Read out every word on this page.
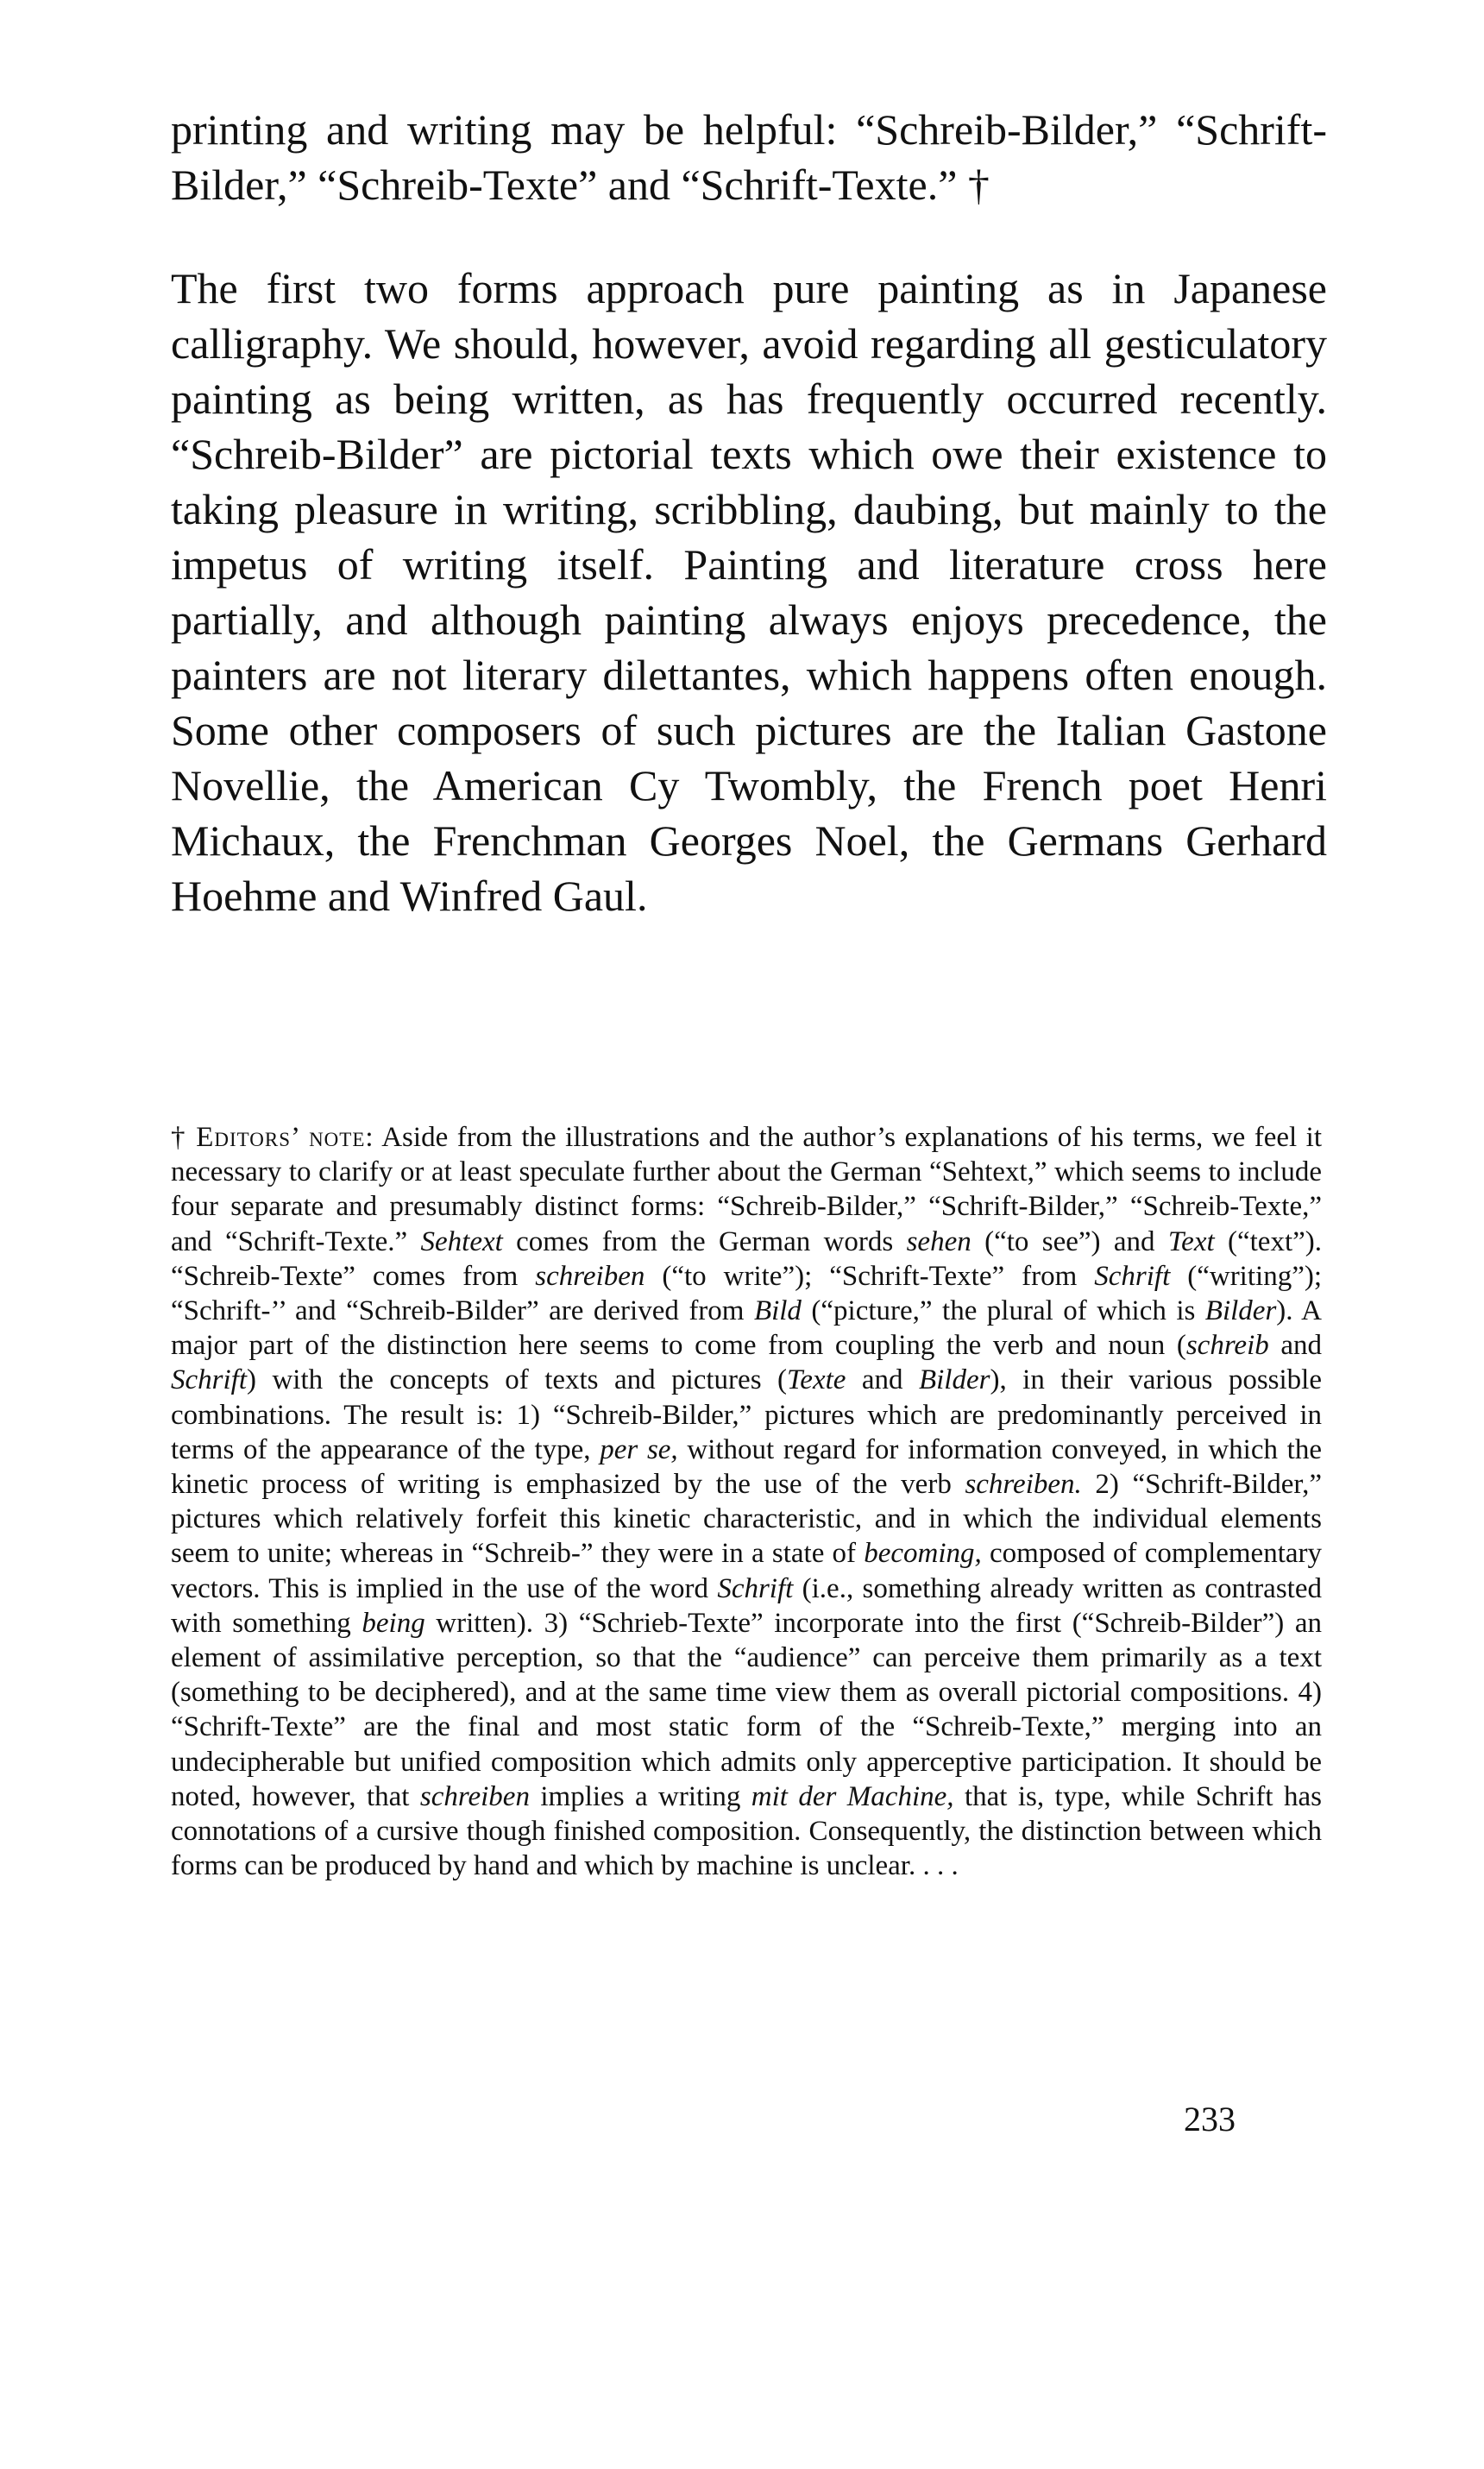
printing and writing may be helpful: “Schreib-Bilder,” “Schrift-Bilder,” “Schreib-Texte” and “Schrift-Texte.” †

The first two forms approach pure painting as in Japanese calligraphy. We should, however, avoid regarding all gesticulatory painting as being written, as has frequently occurred recently. “Schreib-Bilder” are pictorial texts which owe their existence to taking pleasure in writing, scribbling, daubing, but mainly to the impetus of writing itself. Painting and literature cross here partially, and although painting always enjoys precedence, the painters are not literary dilettantes, which happens often enough. Some other composers of such pictures are the Italian Gastone Novellie, the American Cy Twombly, the French poet Henri Michaux, the Frenchman Georges Noel, the Germans Gerhard Hoehme and Winfred Gaul.

† Editors’ note: Aside from the illustrations and the author’s explanations of his terms, we feel it necessary to clarify or at least speculate further about the German “Sehtext,” which seems to include four separate and presumably distinct forms: “Schreib-Bilder,” “Schrift-Bilder,” “Schreib-Texte,” and “Schrift-Texte.” Sehtext comes from the German words sehen (“to see”) and Text (“text”). “Schreib-Texte” comes from schreiben (“to write”); “Schrift-Texte” from Schrift (“writing”); “Schrift-’’ and “Schreib-Bilder” are derived from Bild (“picture,” the plural of which is Bilder). A major part of the distinction here seems to come from coupling the verb and noun (schreib and Schrift) with the concepts of texts and pictures (Texte and Bilder), in their various possible combinations. The result is: 1) “Schreib-Bilder,” pictures which are predominantly perceived in terms of the appearance of the type, per se, without regard for information conveyed, in which the kinetic process of writing is emphasized by the use of the verb schreiben. 2) “Schrift-Bilder,” pictures which relatively forfeit this kinetic characteristic, and in which the individual elements seem to unite; whereas in “Schreib-” they were in a state of becoming, composed of complementary vectors. This is implied in the use of the word Schrift (i.e., something already written as contrasted with something being written). 3) “Schrieb-Texte” incorporate into the first (“Schreib-Bilder”) an element of assimilative perception, so that the “audience” can perceive them primarily as a text (something to be deciphered), and at the same time view them as overall pictorial compositions. 4) “Schrift-Texte” are the final and most static form of the “Schreib-Texte,” merging into an undecipherable but unified composition which admits only apperceptive participation. It should be noted, however, that schreiben implies a writing mit der Machine, that is, type, while Schrift has connotations of a cursive though finished composition. Consequently, the distinction between which forms can be produced by hand and which by machine is unclear. . . .

233
